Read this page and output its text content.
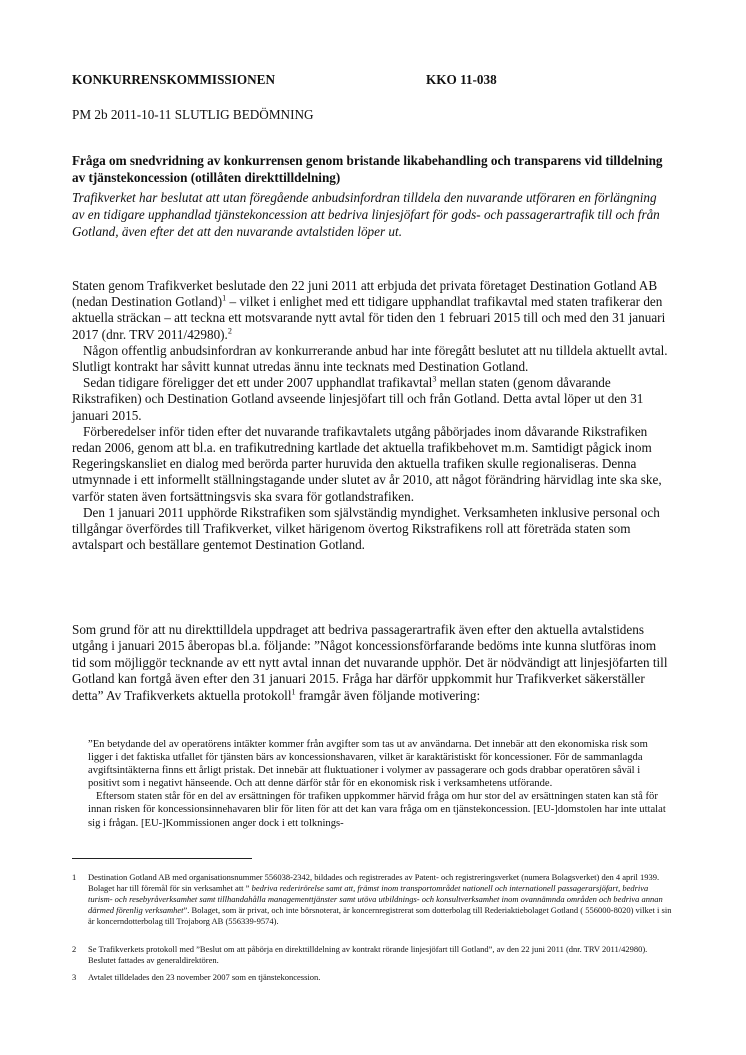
KONKURRENSKOMMISSIONEN	KKO 11-038
PM 2b 2011-10-11 SLUTLIG BEDÖMNING
Fråga om snedvridning av konkurrensen genom bristande likabehandling och transparens vid tilldelning av tjänstekoncession (otillåten direkttilldelning)
Trafikverket har beslutat att utan föregående anbudsinfordran tilldela den nuvarande utföraren en förlängning av en tidigare upphandlad tjänstekoncession att bedriva linjesjöfart för gods- och passagerartrafik till och från Gotland, även efter det att den nuvarande avtalstiden löper ut.

Staten genom Trafikverket beslutade den 22 juni 2011 att erbjuda det privata företaget Destination Gotland AB (nedan Destination Gotland)$^1$ – vilket i enlighet med ett tidigare upphandlat trafikavtal med staten trafikerar den aktuella sträckan – att teckna ett motsvarande nytt avtal för tiden den 1 februari 2015 till och med den 31 januari 2017 (dnr. TRV 2011/42980).$^2$

Någon offentlig anbudsinfordran av konkurrerande anbud har inte föregått beslutet att nu tilldela aktuellt avtal. Slutligt kontrakt har såvitt kunnat utredas ännu inte tecknats med Destination Gotland.

Sedan tidigare föreligger det ett under 2007 upphandlat trafikavtal$^3$ mellan staten (genom dåvarande Rikstrafiken) och Destination Gotland avseende linjesjöfart till och från Gotland. Detta avtal löper ut den 31 januari 2015.

Förberedelser inför tiden efter det nuvarande trafikavtalets utgång påbörjades inom dåvarande Rikstrafiken redan 2006, genom att bl.a. en trafikutredning kartlade det aktuella trafikbehovet m.m. Samtidigt pågick inom Regeringskansliet en dialog med berörda parter huruvida den aktuella trafiken skulle regionaliseras. Denna utmynnade i ett informellt ställningstagande under slutet av år 2010, att något förändring härvidlag inte ska ske, varför staten även fortsättningsvis ska svara för gotlandstrafiken.

Den 1 januari 2011 upphörde Rikstrafiken som självständig myndighet. Verksamheten inklusive personal och tillgångar överfördes till Trafikverket, vilket härigenom övertog Rikstrafikens roll att företräda staten som avtalspart och beställare gentemot Destination Gotland.

Som grund för att nu direkttilldela uppdraget att bedriva passagerartrafik även efter den aktuella avtalstidens utgång i januari 2015 åberopas bl.a. följande: ”Något koncessionsförfarande bedöms inte kunna slutföras inom tid som möjliggör tecknande av ett nytt avtal innan det nuvarande upphör. Det är nödvändigt att linjesjöfarten till Gotland kan fortgå även efter den 31 januari 2015. Fråga har därför uppkommit hur Trafikverket säkerställer detta” Av Trafikverkets aktuella protokoll$^1$ framgår även följande motivering:

”En betydande del av operatörens intäkter kommer från avgifter som tas ut av användarna. Det innebär att den ekonomiska risk som ligger i det faktiska utfallet för tjänsten bärs av koncessionshavaren, vilket är karaktäristiskt för koncessioner. För de sammanlagda avgiftsintäkterna finns ett årligt pristak. Det innebär att fluktuationer i volymer av passagerare och gods drabbar operatören såväl i positivt som i negativt hänseende. Och att denne därför står för en ekonomisk risk i verksamhetens utförande.

Eftersom staten står för en del av ersättningen för trafiken uppkommer härvid fråga om hur stor del av ersättningen staten kan stå för innan risken för koncessionsinnehavaren blir för liten för att det kan vara fråga om en tjänstekoncession. [EU-]domstolen har inte uttalat sig i frågan. [EU-]Kommissionen anger dock i ett tolknings-

1 Destination Gotland AB med organisationsnummer 556038-2342, bildades och registrerades av Patent- och registreringsverket (numera Bolagsverket) den 4 april 1939. Bolaget har till föremål för sin verksamhet att ” bedriva rederirörelse samt att, främst inom transportområdet nationell och internationell passagerarsjöfart, bedriva turism- och resebyråverksamhet samt tillhandahålla managementtjänster samt utöva utbildnings- och konsultverksamhet inom ovannämnda områden och bedriva annan därmed förenlig verksamhet”. Bolaget, som är privat, och inte börsnoterat, är koncernregistrerat som dotterbolag till Rederiaktiebolaget Gotland ( 556000-8020) vilket i sin är koncerndotterbolag till Trojaborg AB (556339-9574).
2 Se Trafikverkets protokoll med ”Beslut om att påbörja en direkttilldelning av kontrakt rörande linjesjöfart till Gotland”, av den 22 juni 2011 (dnr. TRV 2011/42980). Beslutet fattades av generaldirektören.
3 Avtalet tilldelades den 23 november 2007 som en tjänstekoncession.
